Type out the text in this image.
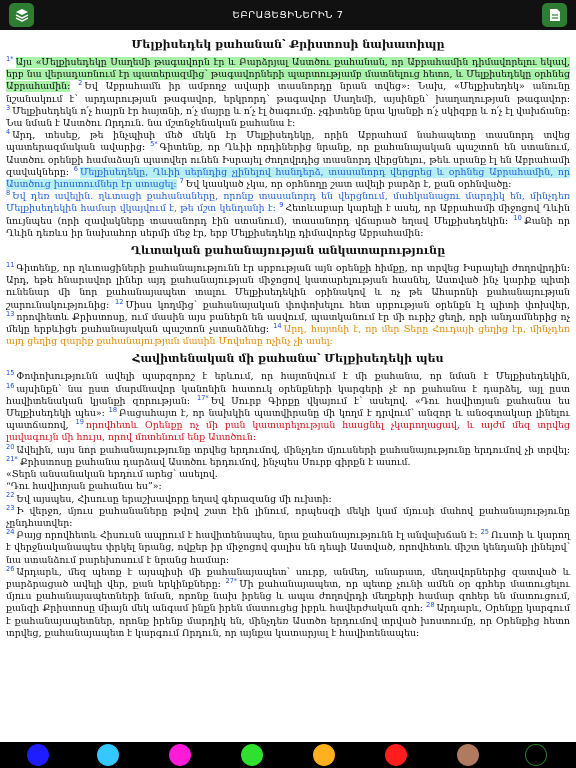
ԵԲՐԱՅԵՑԻՆԵՐԻՆ 7
Մելքիսեդեկ քահանան՝ Քրիստոսի նախատիպը

$^{1*}$ Այս «Մելքիսեդեկը Սաղեմի թագավորն էր և Բարձրյալ Աստծու քահանան, որ Աբրահամին դիմավորելու եկավ, երբ նա վերադառնում էր պատերազմից՝ թագավորների պարտությամբ մատնելուց հետո, և Մելքիսեդեկը օրհնեց Աբրահամին: $^2$ Եվ Աբրահամն իր ամբողջ ավարի տասնորդը նրան տվեց»: Նախ, «Մելքիսեդեկ» անունը նշանակում է՝ արդարության թագավոր, երկրորդ՝ թագավոր Սաղեմի, այսինքն՝ խաղաղության թագավոր: $^3$ Մելքիսեդեկն ո՛չ հայրն էր հայտնի, ո՛չ մայրը և ո՛չ էլ ծագումը. չգիտենք նրա կյանքի ո՛չ սկիզբը և ո՛չ էլ վախճանը: Նա նման է Աստծու Որդուն. նա մշտնջենական քահանա է:

$^4$ Արդ, տեսեք, թե ինչպիսի մեծ մեկն էր Մելքիսեդեկը, որին Աբրահամ նահապետը տասնորդ տվեց պատերազմական ավարից: $^{5*}$ Գիտենք, որ Ղևիի որդիներից նրանք, որ քահանայական պաշտոն են ստանում, Աստծու օրենքի համաձայն պատվեր ունեն Իսրայել ժողովրդից տասնորդ վերցնելու, թեև սրանք էլ են Աբրահամի զավակները: $^6$ Մելքիսեդեկը, Ղևիի սերնդից չլինելով հանդերձ, տասանորդ վերցրեց և օրհնեց Աբրահամին, որ Աստծուց խոստումներ էր ստացել: $^7$ Եվ կասկած չկա, որ օրհնողը շատ ավելի բարձր է, քան օրհնվածը:

$^8$ Եվ դեռ ավելին. ղևտացի քահանաները, որոնք տասանորդ են վերցնում, մահկանացու մարդիկ են, մինչդեռ Մելքիսեդեկին համար վկայվում է, թե մշտ կենդանի է: $^9$ Հետևաբար կարելի է ասել, որ Աբրահամի միջոցով Ղևին նույնպես (որի զավակները տասանորդ էին ստանում), տասանորդ վճարած եղավ Մելքիսեդեկին: $^{10}$ Քանի որ Ղևին դեռևս իր նախահոր սերմի մեջ էր, երբ Մելքիսեդեկը դիմավորեց Աբրահամին:

Ղևտական քահանայության անկատարությունը

$^{11}$ Գիտենք, որ ղևտացիների քահանայությունն էր սրբության այն օրենքի հիմքը, որ տրվեց Իսրայելի ժողովրդին: Արդ, եթե հնարավոր լիներ այդ քահանայության միջոցով կատարելության հասնել, Աստված ինչ կարիք պիտի ունենար մի նոր քահանայապետ տալու Մելքիսեդեկին օրինակով և ոչ թե Ահարոնի քահանայության շարունակությունից: $^{12}$ Միսս կողմից՝ քահանայական փոփոխելու հետ սրբության օրենքն էլ պիտի փոխվեր, $^{13}$ որովհետև Քրիստոսը, ում մասին այս բաներն են ասվում, պատկանում էր մի ուրիշ ցեղի, որի անդամներից ոչ մեկը երբևիցե քահանայական պաշտոն չստանձնեց: $^{14}$ Արդ, հայտնի է, որ մեր Տերը Հուդայի ցեղից էր, մինչդեռ այդ ցեղից զարիք քահանայության մասին Մովսեսը ոչինչ չի ասել:

Հավիտենական մի քահանա՝ Մելքիսեդեկի պես

$^{15}$ Փոփոխությունն ավելի պարզորոշ է երևում, որ հայտնվում է մի քահանա, որ նման է Մելքիսեդեկին, $^{16}$ այսինքն՝ նա ըստ մարմնավոր կանոնին հատուկ օրենքների կարգերի չէ որ քահանա է դարձել, այլ ըստ հավիտենական կյանքի զորության: $^{17*}$ Եվ Սուրբ Գիրքը վկայում է՝ ասելով. «Դու հավիտյան քահանա ես Մելքիսեդեկի պես»: $^{18}$ Բացահայտ է, որ նախկին պատվիրանը մի կողմ է դրվում՝ անզոր և անօգտակար լինելու պատճառով, $^{19}$ որովհետև Օրենքը ոչ մի բան կատարելության հասցնել չկարողացավ, և այժմ մեզ տրվեց լավագույն մի հույս, որով մոտենում ենք Աստծուն:

$^{20}$ Ավելին, այս նոր քահանայությունը տրվեց երդումով, մինչդեռ մյուսների քահանայությունը երդումով չի տրվել: $^{21*}$ Քրիստոսը քահանա դարձավ Աստծու երդումով, ինչպես Սուրբ գիրքն է ասում.

«Տերն անսանական երդում արեց՝ ասելով.

“Դու հավիտյան քահանա ես”»:

$^{22}$ Եվ այսպես, Հիսուսը երաշխավորը եղավ գերազանց մի ուխտի:

$^{23}$ Ի վերջո, մյուս քահանաները թվով շատ էին լինում, որպեսզի մեկի կամ մյուսի մահով քահանայությունը չընդհատվեր:

$^{24}$ Բայց որովհետև Հիսուսն ապրում է հավիտենապես, նրա քահանայությունն էլ անվախճան է: $^{25}$ Ուստի և կարող է վերջնականապես փրկել նրանց, ովքեր իր միջոցով գալիս են դեպի Աստված, որովհետև միշտ կենդանի լինելով՝ նա ստանձում բարեխոսում է նրանց համար:

$^{26}$ Արդարև, մեզ պետք է այսպիսի մի քահանայապետ՝ սուրբ, անմեղ, անարատ, մեղավորներից զատված և բարձրացած ավելի վեր, քան երկինքները: $^{27*}$ Մի քահանայապետ, որ պետք չունի ամեն օր գրհեր մատուցելու մյուս քահանայապետների նման, որոնք նախ իրենց և ապա ժողովրդի մեղքերի համար զոհեր են մատուցում, քանզի Քրիստոսը միայն մեկ անգամ ինքն իրեն մատուցեց իբրև հավերժական զոհ: $^{28}$ Արդարև, Օրենքը կարգում է քահանայապետներ, որոնք իրենք մարդիկ են, մինչդեռ Աստծո երդումով տրված խոստումը, որ Օրենքից հետո տրվեց, քահանայապետ է կարգում Որդուն, որ այնքա կատարյալ է հավիտենապես:
